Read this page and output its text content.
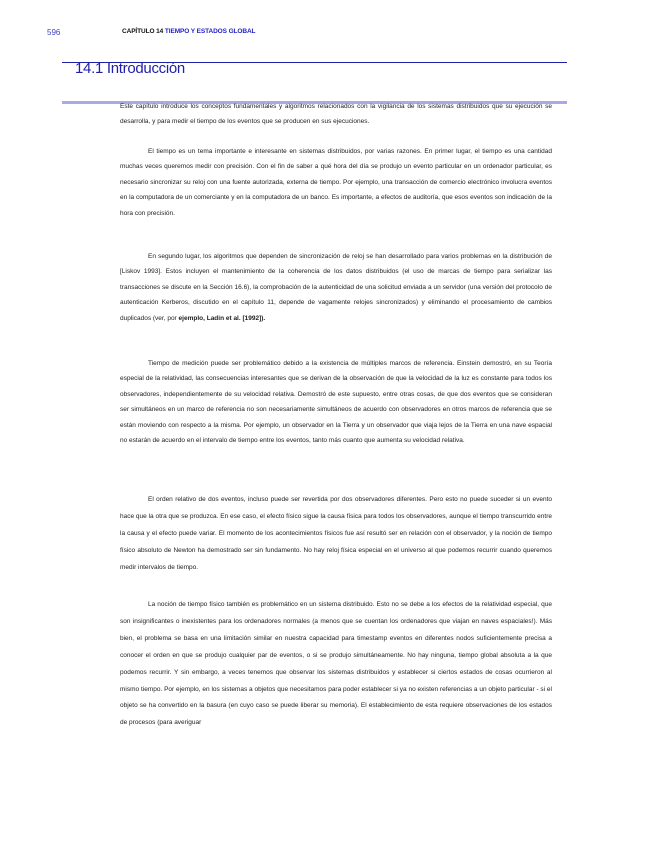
596	CAPÍTULO 14 TIEMPO Y ESTADOS GLOBAL
14.1 Introducción
Este capítulo introduce los conceptos fundamentales y algoritmos relacionados con la vigilancia de los sistemas distribuidos que su ejecución se desarrolla, y para medir el tiempo de los eventos que se producen en sus ejecuciones.
El tiempo es un tema importante e interesante en sistemas distribuidos, por varias razones. En primer lugar, el tiempo es una cantidad muchas veces queremos medir con precisión. Con el fin de saber a qué hora del día se produjo un evento particular en un ordenador particular, es necesario sincronizar su reloj con una fuente autorizada, externa de tiempo. Por ejemplo, una transacción de comercio electrónico involucra eventos en la computadora de un comerciante y en la computadora de un banco. Es importante, a efectos de auditoría, que esos eventos son indicación de la hora con precisión.
En segundo lugar, los algoritmos que dependen de sincronización de reloj se han desarrollado para varios problemas en la distribución de [Liskov 1993]. Estos incluyen el mantenimiento de la coherencia de los datos distribuidos (el uso de marcas de tiempo para serializar las transacciones se discute en la Sección 16.6), la comprobación de la autenticidad de una solicitud enviada a un servidor (una versión del protocolo de autenticación Kerberos, discutido en el capítulo 11, depende de vagamente relojes sincronizados) y eliminando el procesamiento de cambios duplicados (ver, por ejemplo, Ladin et al. [1992]).
Tiempo de medición puede ser problemático debido a la existencia de múltiples marcos de referencia. Einstein demostró, en su Teoría especial de la relatividad, las consecuencias interesantes que se derivan de la observación de que la velocidad de la luz es constante para todos los observadores, independientemente de su velocidad relativa. Demostró de este supuesto, entre otras cosas, de que dos eventos que se consideran ser simultáneos en un marco de referencia no son necesariamente simultáneos de acuerdo con observadores en otros marcos de referencia que se están moviendo con respecto a la misma. Por ejemplo, un observador en la Tierra y un observador que viaja lejos de la Tierra en una nave espacial no estarán de acuerdo en el intervalo de tiempo entre los eventos, tanto más cuanto que aumenta su velocidad relativa.
El orden relativo de dos eventos, incluso puede ser revertida por dos observadores diferentes. Pero esto no puede suceder si un evento hace que la otra que se produzca. En ese caso, el efecto físico sigue la causa física para todos los observadores, aunque el tiempo transcurrido entre la causa y el efecto puede variar. El momento de los acontecimientos físicos fue así resultó ser en relación con el observador, y la noción de tiempo físico absoluto de Newton ha demostrado ser sin fundamento. No hay reloj física especial en el universo al que podemos recurrir cuando queremos medir intervalos de tiempo.
La noción de tiempo físico también es problemático en un sistema distribuido. Esto no se debe a los efectos de la relatividad especial, que son insignificantes o inexistentes para los ordenadores normales (a menos que se cuentan los ordenadores que viajan en naves espaciales!). Más bien, el problema se basa en una limitación similar en nuestra capacidad para timestamp eventos en diferentes nodos suficientemente precisa a conocer el orden en que se produjo cualquier par de eventos, o si se produjo simultáneamente. No hay ninguna, tiempo global absoluta a la que podemos recurrir. Y sin embargo, a veces tenemos que observar los sistemas distribuidos y establecer si ciertos estados de cosas ocurrieron al mismo tiempo. Por ejemplo, en los sistemas a objetos que necesitamos para poder establecer si ya no existen referencias a un objeto particular - si el objeto se ha convertido en la basura (en cuyo caso se puede liberar su memoria). El establecimiento de esta requiere observaciones de los estados de procesos (para averiguar
